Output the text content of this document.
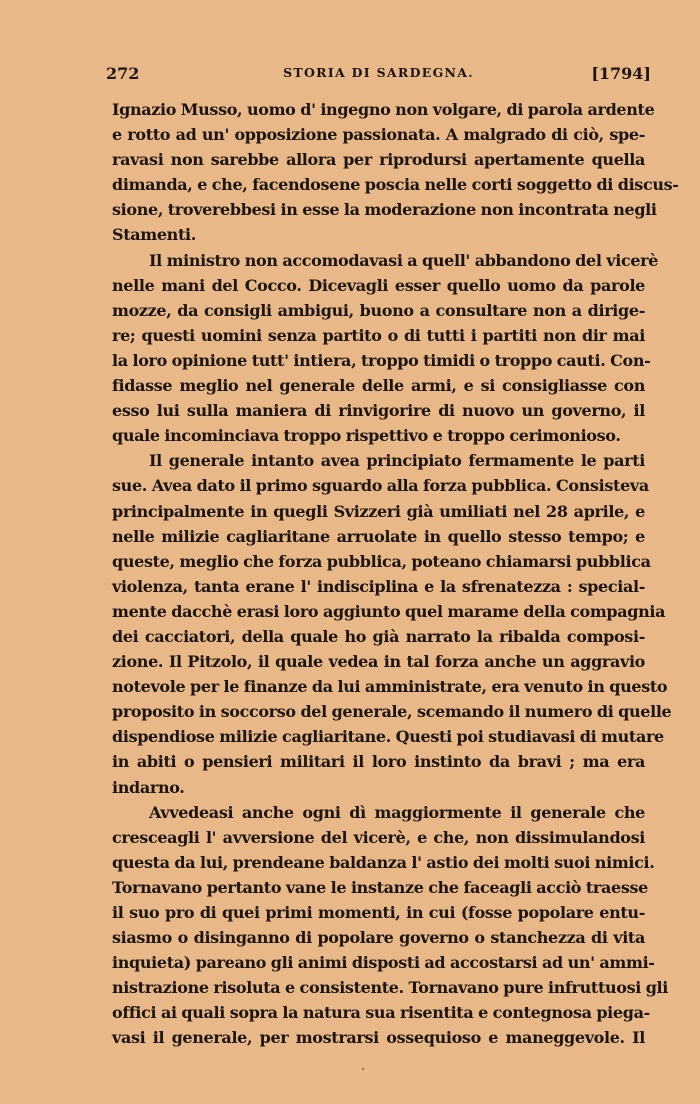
272	STORIA DI SARDEGNA.	[1794]
Ignazio Musso, uomo d' ingegno non volgare, di parola ardente
e rotto ad un' opposizione passionata. A malgrado di ciò, spe-
ravasi non sarebbe allora per riprodursi apertamente quella
dimanda, e che, facendosene poscia nelle corti soggetto di discus-
sione, troverebbesi in esse la moderazione non incontrata negli
Stamenti.
Il ministro non accomodavasi a quell' abbandono del vicerè
nelle mani del Cocco. Dicevagli esser quello uomo da parole
mozze, da consigli ambigui, buono a consultare non a dirige-
re; questi uomini senza partito o di tutti i partiti non dir mai
la loro opinione tutt' intiera, troppo timidi o troppo cauti. Con-
fidasse meglio nel generale delle armi, e si consigliasse con
esso lui sulla maniera di rinvigorire di nuovo un governo, il
quale incominciava troppo rispettivo e troppo cerimonioso.
Il generale intanto avea principiato fermamente le parti
sue. Avea dato il primo sguardo alla forza pubblica. Consisteva
principalmente in quegli Svizzeri già umiliati nel 28 aprile, e
nelle milizie cagliaritane arruolate in quello stesso tempo; e
queste, meglio che forza pubblica, poteano chiamarsi pubblica
violenza, tanta erane l' indisciplina e la sfrenatezza : special-
mente dacchè erasi loro aggiunto quel marame della compagnia
dei cacciatori, della quale ho già narrato la ribalda composi-
zione. Il Pitzolo, il quale vedea in tal forza anche un aggravio
notevole per le finanze da lui amministrate, era venuto in questo
proposito in soccorso del generale, scemando il numero di quelle
dispendiose milizie cagliaritane. Questi poi studiavasi di mutare
in abiti o pensieri militari il loro instinto da bravi ; ma era
indarno.
Avvedeasi anche ogni dì maggiormente il generale che
cresceagli l' avversione del vicerè, e che, non dissimulandosi
questa da lui, prendeane baldanza l' astio dei molti suoi nimici.
Tornavano pertanto vane le instanze che faceagli acciò traesse
il suo pro di quei primi momenti, in cui (fosse popolare entu-
siasmo o disinganno di popolare governo o stanchezza di vita
inquieta) pareano gli animi disposti ad accostarsi ad un' ammi-
nistrazione risoluta e consistente. Tornavano pure infruttuosi gli
offici ai quali sopra la natura sua risentita e contegnosa piega-
vasi il generale, per mostrarsi ossequioso e maneggevole. Il
